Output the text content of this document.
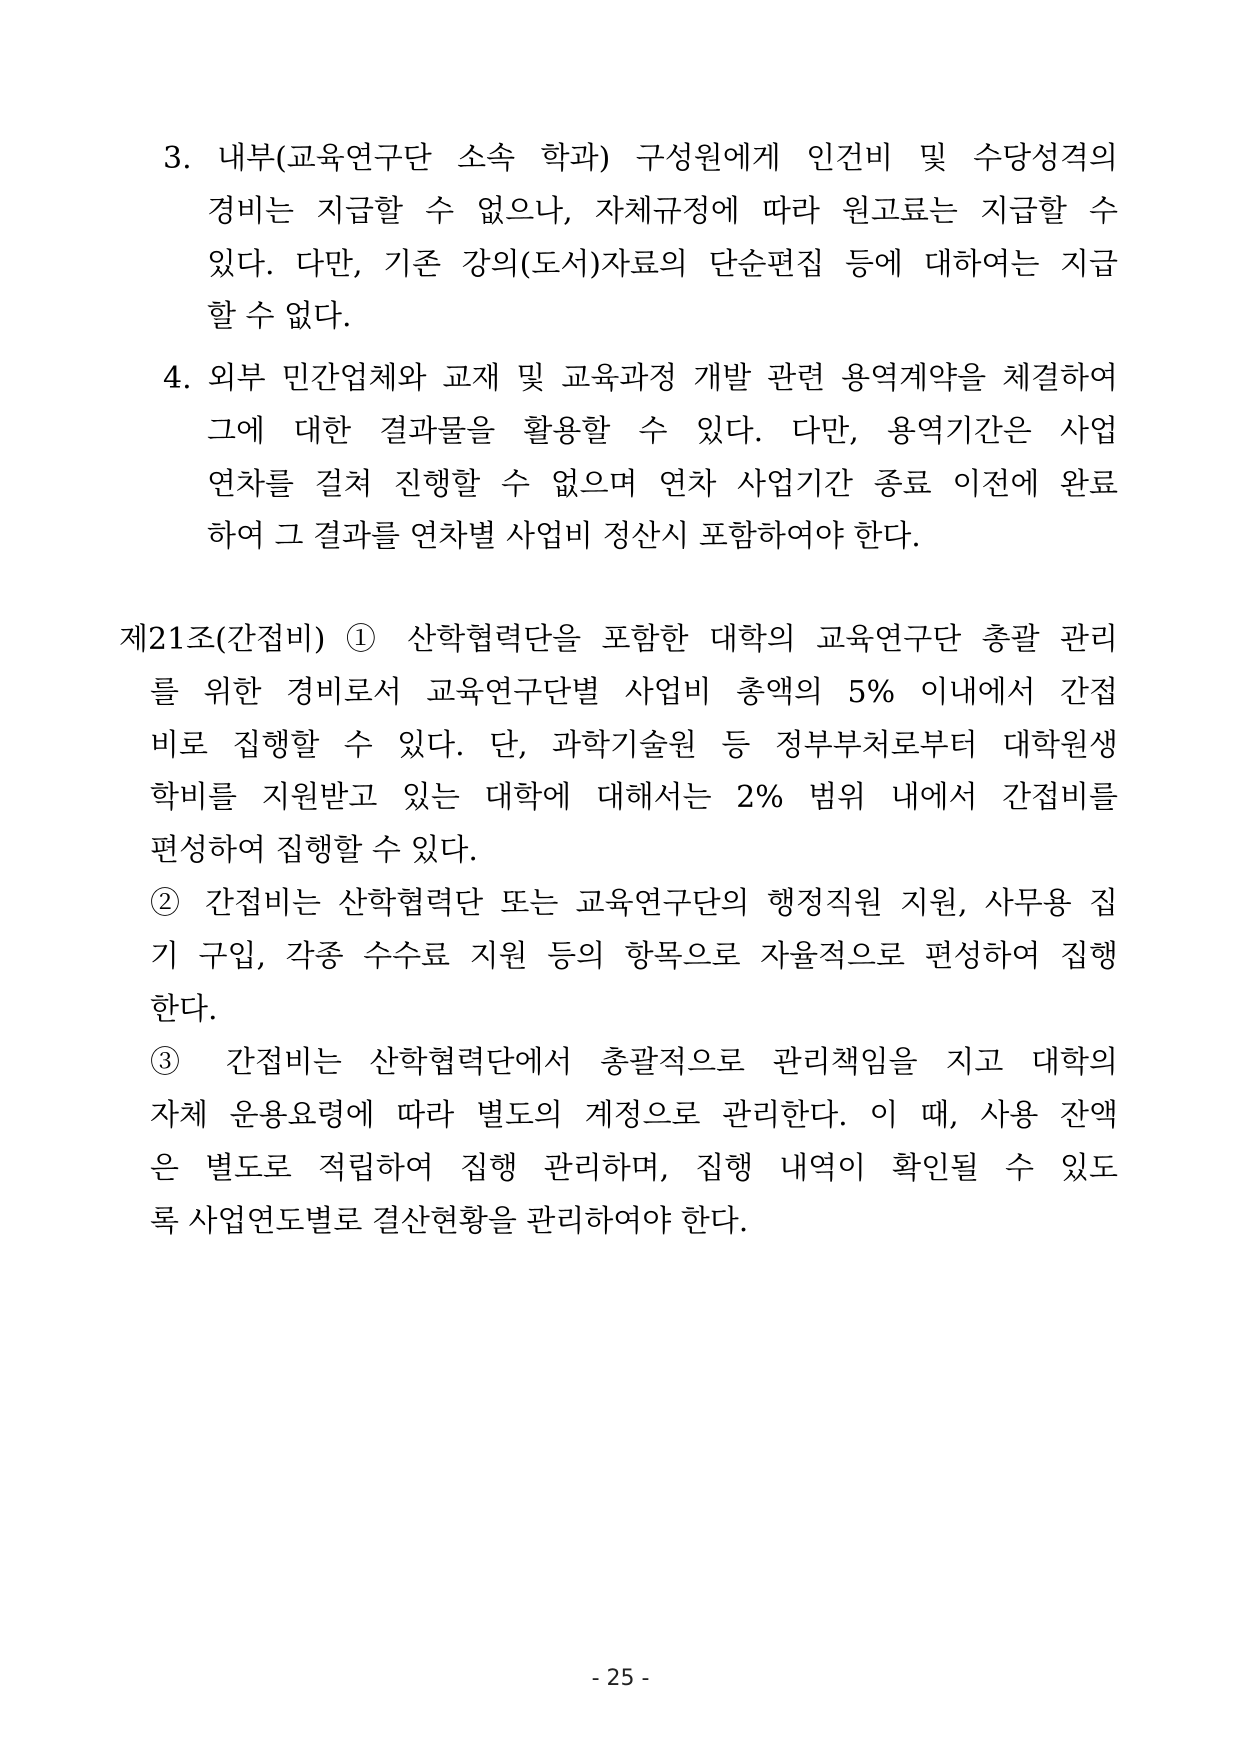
3. 내부(교육연구단 소속 학과) 구성원에게 인건비 및 수당성격의
경비는 지급할 수 없으나, 자체규정에 따라 원고료는 지급할 수
있다. 다만, 기존 강의(도서)자료의 단순편집 등에 대하여는 지급
할 수 없다.
4. 외부 민간업체와 교재 및 교육과정 개발 관련 용역계약을 체결하여
그에 대한 결과물을 활용할 수 있다. 다만, 용역기간은 사업
연차를 걸쳐 진행할 수 없으며 연차 사업기간 종료 이전에 완료
하여 그 결과를 연차별 사업비 정산시 포함하여야 한다.
제21조(간접비) ① 산학협력단을 포함한 대학의 교육연구단 총괄 관리
를 위한 경비로서 교육연구단별 사업비 총액의 5% 이내에서 간접
비로 집행할 수 있다. 단, 과학기술원 등 정부부처로부터 대학원생
학비를 지원받고 있는 대학에 대해서는 2% 범위 내에서 간접비를
편성하여 집행할 수 있다.
② 간접비는 산학협력단 또는 교육연구단의 행정직원 지원, 사무용 집
기 구입, 각종 수수료 지원 등의 항목으로 자율적으로 편성하여 집행
한다.
③ 간접비는 산학협력단에서 총괄적으로 관리책임을 지고 대학의
자체 운용요령에 따라 별도의 계정으로 관리한다. 이 때, 사용 잔액
은 별도로 적립하여 집행 관리하며, 집행 내역이 확인될 수 있도
록 사업연도별로 결산현황을 관리하여야 한다.
- 25 -
